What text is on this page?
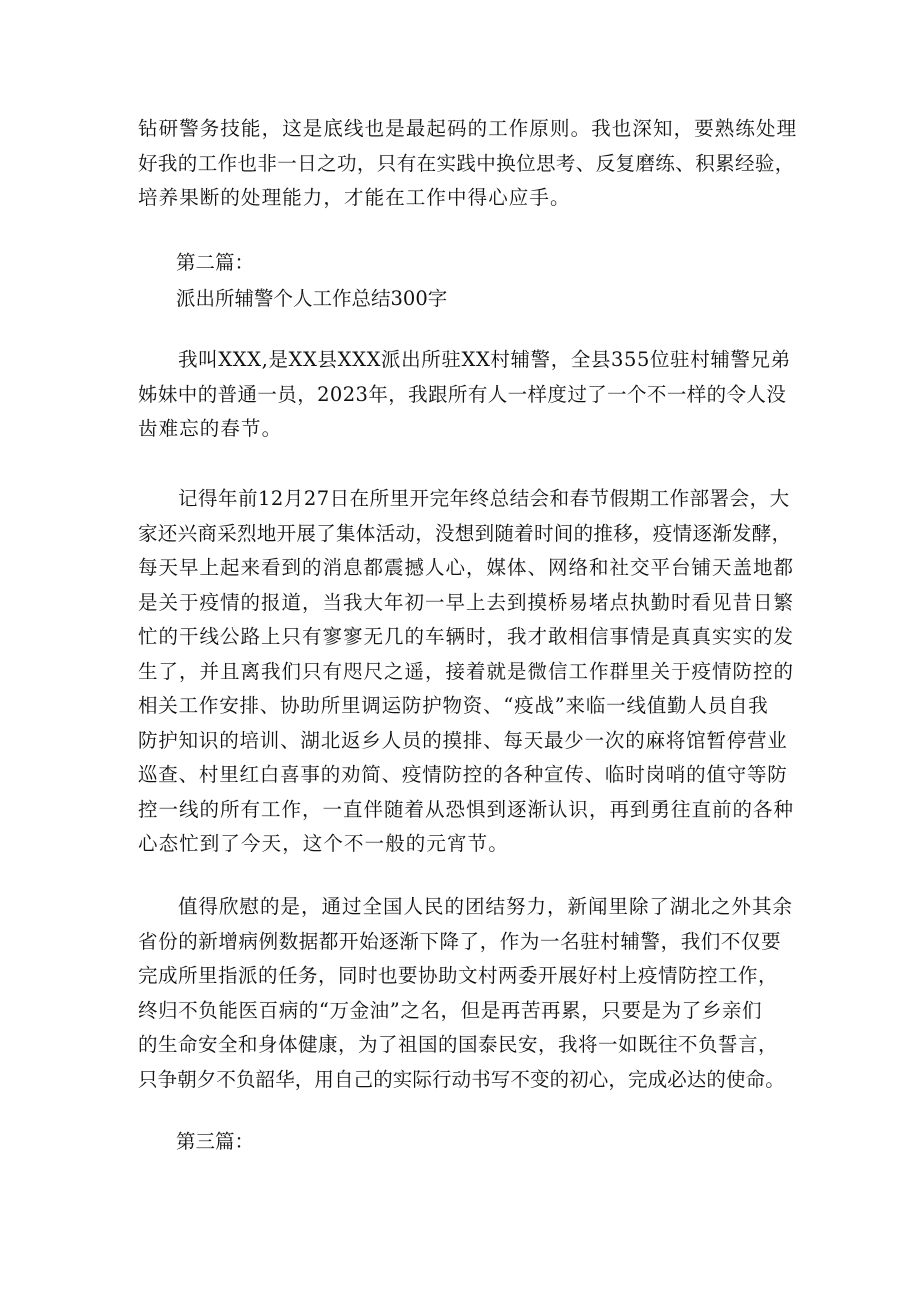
钻研警务技能，这是底线也是最起码的工作原则。我也深知，要熟练处理
好我的工作也非一日之功，只有在实践中换位思考、反复磨练、积累经验，
培养果断的处理能力，才能在工作中得心应手。
第二篇：
派出所辅警个人工作总结300字
我叫XXX,是XX县XXX派出所驻XX村辅警，全县355位驻村辅警兄弟
姊妹中的普通一员，2023年，我跟所有人一样度过了一个不一样的令人没
齿难忘的春节。
记得年前12月27日在所里开完年终总结会和春节假期工作部署会，大
家还兴商采烈地开展了集体活动，没想到随着时间的推移，疫情逐渐发酵，
每天早上起来看到的消息都震撼人心，媒体、网络和社交平台铺天盖地都
是关于疫情的报道，当我大年初一早上去到摸桥易堵点执勤时看见昔日繁
忙的干线公路上只有寥寥无几的车辆时，我才敢相信事情是真真实实的发
生了，并且离我们只有咫尺之遥，接着就是微信工作群里关于疫情防控的
相关工作安排、协助所里调运防护物资、“疫战”来临一线值勤人员自我
防护知识的培训、湖北返乡人员的摸排、每天最少一次的麻将馆暂停营业
巡查、村里红白喜事的劝简、疫情防控的各种宣传、临时岗哨的值守等防
控一线的所有工作，一直伴随着从恐惧到逐渐认识，再到勇往直前的各种
心态忙到了今天，这个不一般的元宵节。
值得欣慰的是，通过全国人民的团结努力，新闻里除了湖北之外其余
省份的新增病例数据都开始逐渐下降了，作为一名驻村辅警，我们不仅要
完成所里指派的任务，同时也要协助文村两委开展好村上疫情防控工作，
终归不负能医百病的“万金油”之名，但是再苦再累，只要是为了乡亲们
的生命安全和身体健康，为了祖国的国泰民安，我将一如既往不负誓言，
只争朝夕不负韶华，用自己的实际行动书写不变的初心，完成必达的使命。
第三篇：
